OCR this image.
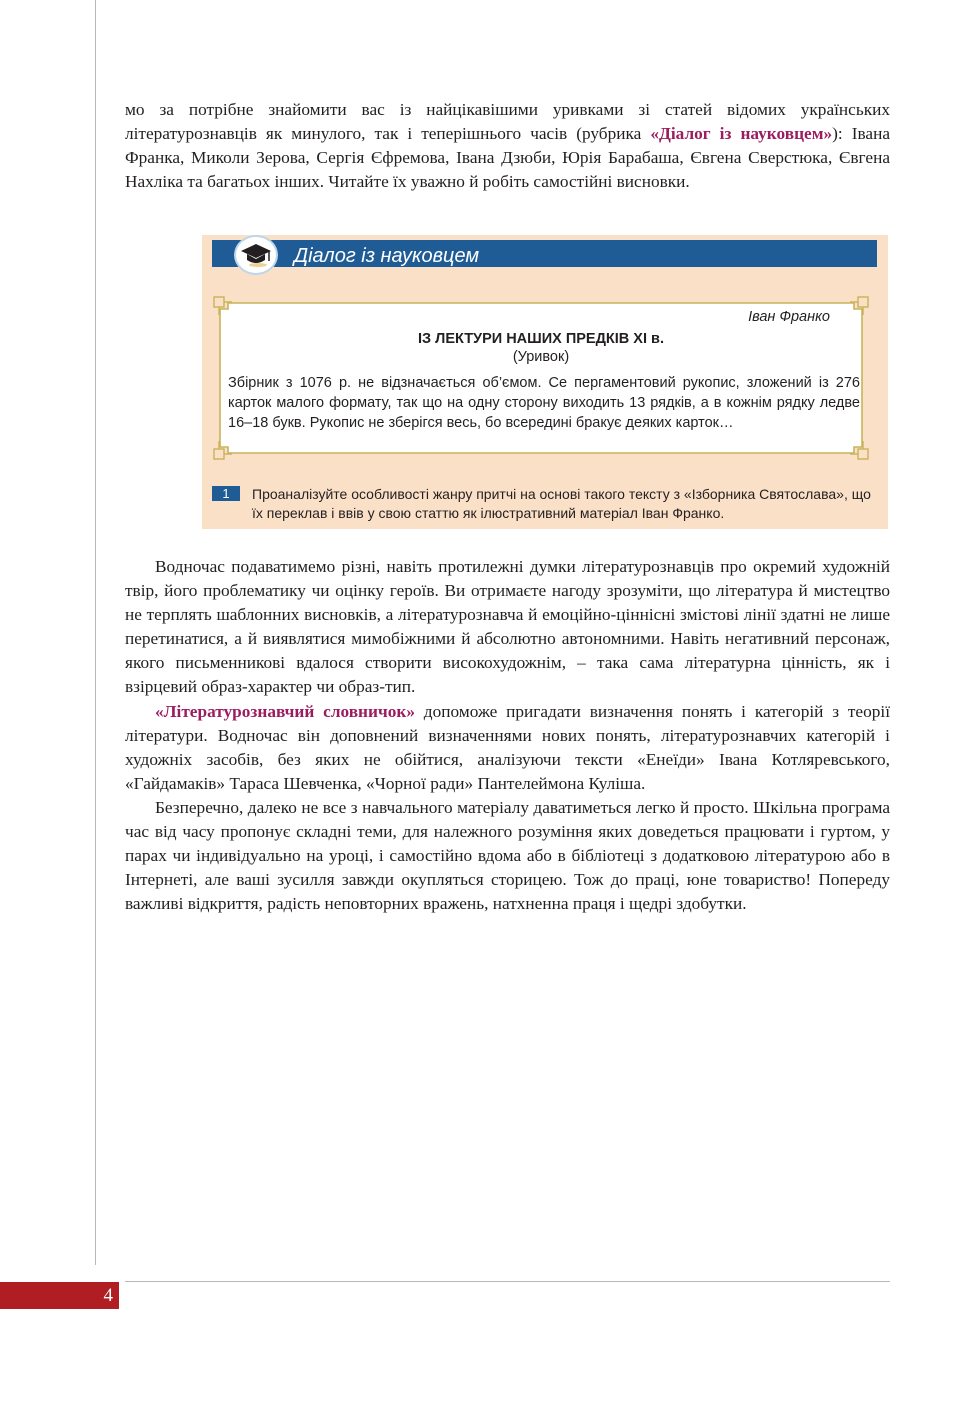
мо за потрібне знайомити вас із найцікавішими уривками зі статей відомих українських літературознавців як минулого, так і теперішнього часів (рубрика «Діалог із науковцем»): Івана Франка, Миколи Зерова, Сергія Єфремова, Івана Дзюби, Юрія Барабаша, Євгена Сверстюка, Євгена Нахліка та багатьох інших. Читайте їх уважно й робіть самостійні висновки.

Діалог із науковцем
Іван Франко
ІЗ ЛЕКТУРИ НАШИХ ПРЕДКІВ XI в.
(Уривок)
Збірник з 1076 р. не відзначається об’ємом. Се пергаментовий рукопис, зложений із 276 карток малого формату, так що на одну сторону виходить 13 рядків, а в кожнім рядку ледве 16–18 букв. Рукопис не зберігся весь, бо всередині бракує деяких карток…
1	Проаналізуйте особливості жанру притчі на основі такого тексту з «Ізборника Святослава», що їх переклав і ввів у свою статтю як ілюстративний матеріал Іван Франко.

Водночас подаватимемо різні, навіть протилежні думки літературознавців про окремий художній твір, його проблематику чи оцінку героїв. Ви отримаєте нагоду зрозуміти, що література й мистецтво не терплять шаблонних висновків, а літературознавча й емоційно-ціннісні змістові лінії здатні не лише перетинатися, а й виявлятися мимобіжними й абсолютно автономними. Навіть негативний персонаж, якого письменникові вдалося створити високохудожнім, – така сама літературна цінність, як і взірцевий образ-характер чи образ-тип.

«Літературознавчий словничок» допоможе пригадати визначення понять і категорій з теорії літератури. Водночас він доповнений визначеннями нових понять, літературознавчих категорій і художніх засобів, без яких не обійтися, аналізуючи тексти «Енеїди» Івана Котляревського, «Гайдамаків» Тараса Шевченка, «Чорної ради» Пантелеймона Куліша.

Безперечно, далеко не все з навчального матеріалу даватиметься легко й просто. Шкільна програма час від часу пропонує складні теми, для належного розуміння яких доведеться працювати і гуртом, у парах чи індивідуально на уроці, і самостійно вдома або в бібліотеці з додатковою літературою або в Інтернеті, але ваші зусилля завжди окупляться сторицею. Тож до праці, юне товариство! Попереду важливі відкриття, радість неповторних вражень, натхненна праця і щедрі здобутки.

4
